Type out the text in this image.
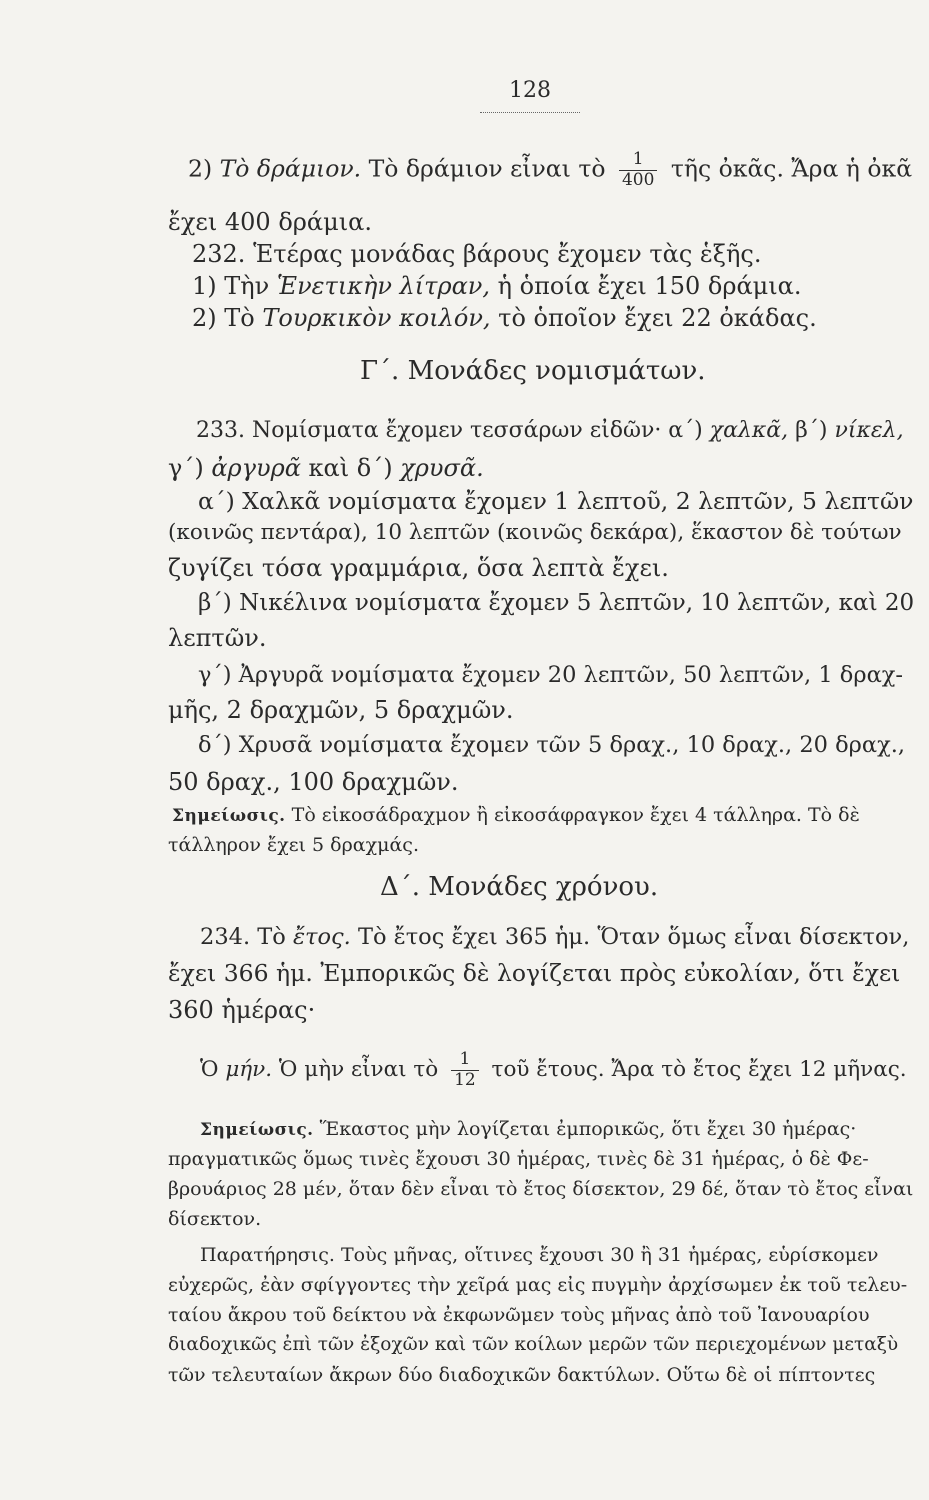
128
2) Τὸ δράμιον. Τὸ δράμιον εἶναι τὸ $\frac{1}{400}$ τῆς ὀκᾶς. Ἄρα ἡ ὀκᾶ
ἔχει 400 δράμια.
232. Ἑτέρας μονάδας βάρους ἔχομεν τὰς ἑξῆς.
1) Τὴν Ἑνετικὴν λίτραν, ἡ ὁποία ἔχει 150 δράμια.
2) Τὸ Τουρκικὸν κοιλόν, τὸ ὁποῖον ἔχει 22 ὀκάδας.
Γ΄. Μονάδες νομισμάτων.
233. Νομίσματα ἔχομεν τεσσάρων εἰδῶν· α΄) χαλκᾶ, β΄) νίκελ,
γ΄) ἀργυρᾶ καὶ δ΄) χρυσᾶ.
α΄) Χαλκᾶ νομίσματα ἔχομεν 1 λεπτοῦ, 2 λεπτῶν, 5 λεπτῶν
(κοινῶς πεντάρα), 10 λεπτῶν (κοινῶς δεκάρα), ἕκαστον δὲ τούτων
ζυγίζει τόσα γραμμάρια, ὅσα λεπτὰ ἔχει.
β΄) Νικέλινα νομίσματα ἔχομεν 5 λεπτῶν, 10 λεπτῶν, καὶ 20
λεπτῶν.
γ΄) Ἀργυρᾶ νομίσματα ἔχομεν 20 λεπτῶν, 50 λεπτῶν, 1 δραχ-
μῆς, 2 δραχμῶν, 5 δραχμῶν.
δ΄) Χρυσᾶ νομίσματα ἔχομεν τῶν 5 δραχ., 10 δραχ., 20 δραχ.,
50 δραχ., 100 δραχμῶν.
Σημείωσις. Τὸ εἰκοσάδραχμον ἢ εἰκοσάφραγκον ἔχει 4 τάλληρα. Τὸ δὲ
τάλληρον ἔχει 5 δραχμάς.
Δ΄. Μονάδες χρόνου.
234. Τὸ ἔτος. Τὸ ἔτος ἔχει 365 ἡμ. Ὅταν ὅμως εἶναι δίσεκτον,
ἔχει 366 ἡμ. Ἐμπορικῶς δὲ λογίζεται πρὸς εὐκολίαν, ὅτι ἔχει
360 ἡμέρας·
Ὁ μήν. Ὁ μὴν εἶναι τὸ $\frac{1}{12}$ τοῦ ἔτους. Ἄρα τὸ ἔτος ἔχει 12 μῆνας.
Σημείωσις. Ἕκαστος μὴν λογίζεται ἐμπορικῶς, ὅτι ἔχει 30 ἡμέρας·
πραγματικῶς ὅμως τινὲς ἔχουσι 30 ἡμέρας, τινὲς δὲ 31 ἡμέρας, ὁ δὲ Φε-
βρουάριος 28 μέν, ὅταν δὲν εἶναι τὸ ἔτος δίσεκτον, 29 δέ, ὅταν τὸ ἔτος εἶναι
δίσεκτον.
Παρατήρησις. Τοὺς μῆνας, οἵτινες ἔχουσι 30 ἢ 31 ἡμέρας, εὑρίσκομεν
εὐχερῶς, ἐὰν σφίγγοντες τὴν χεῖρά μας εἰς πυγμὴν ἀρχίσωμεν ἐκ τοῦ τελευ-
ταίου ἄκρου τοῦ δείκτου νὰ ἐκφωνῶμεν τοὺς μῆνας ἀπὸ τοῦ Ἰανουαρίου
διαδοχικῶς ἐπὶ τῶν ἐξοχῶν καὶ τῶν κοίλων μερῶν τῶν περιεχομένων μεταξὺ
τῶν τελευταίων ἄκρων δύο διαδοχικῶν δακτύλων. Οὕτω δὲ οἱ πίπτοντες
